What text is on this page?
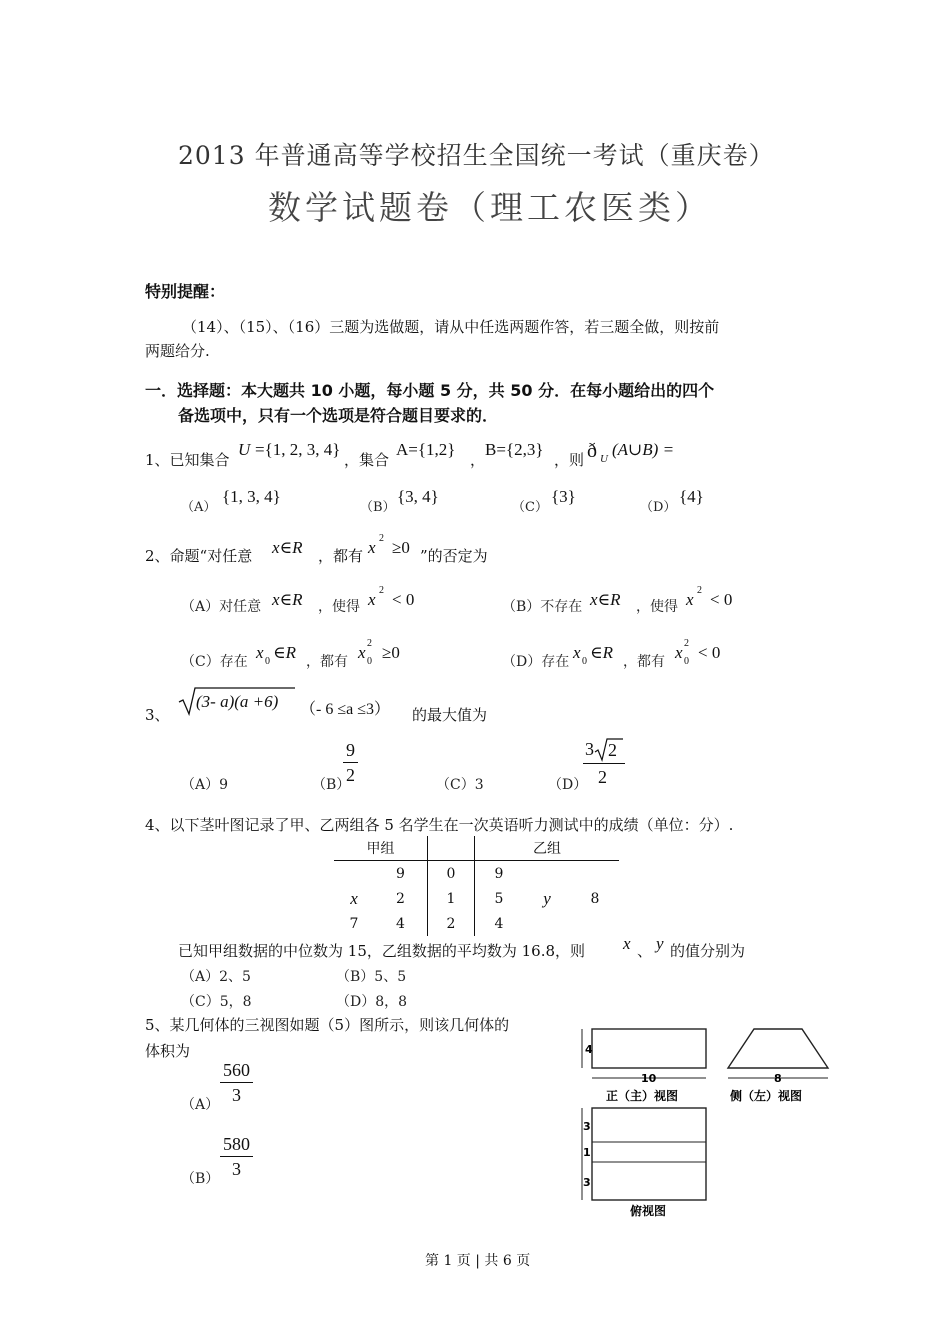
2013 年普通高等学校招生全国统一考试（重庆卷）
数学试题卷（理工农医类）
特别提醒：
（14）、（15）、（16）三题为选做题，请从中任选两题作答，若三题全做，则按前
两题给分.
一．选择题：本大题共 10 小题，每小题 5 分，共 50 分．在每小题给出的四个
备选项中，只有一个选项是符合题目要求的．
1、已知集合
U ={1, 2, 3, 4}
，集合
A={1,2}
，
B={2,3}
，则 ð U (A∪B) =
（A）
{1, 3, 4}
（B）
{3, 4}
（C）
{3}
（D）
{4}
2、命题“对任意 x∈R ，都有 x 2 ≥0 ”的否定为
（A）对任意 x∈R ，使得 x 2 < 0	（B）不存在 x∈R ，使得 x 2 < 0
（C）存在 x 0 ∈R ，都有 x 0
2 ≥0	（D）存在 x 0 ∈R ，都有 x 0
2 < 0
3、
(3- a)(a +6) （- 6 ≤a ≤3） 的最大值为
（A）9	（B）
$\frac{9}{2}$	（C）3	（D）
3 2
2
4、以下茎叶图记录了甲、乙两组各 5 名学生在一次英语听力测试中的成绩（单位：分）.
甲组			乙组		
	9	0	9		
x	2	1	5	y	8
7	4	2	4		
已知甲组数据的中位数为 15，乙组数据的平均数为 16.8，则 x 、 y 的值分别为
（A）2、5	（B）5、5
（C）5，8	（D）8，8
5、某几何体的三视图如题（5）图所示，则该几何体的
体积为
$(A) \frac{560}{3}$
$(B) \frac{580}{3}$
4
10
正（主）视图
8
侧（左）视图
3
1
3
俯视图
第 1 页 | 共 6 页
